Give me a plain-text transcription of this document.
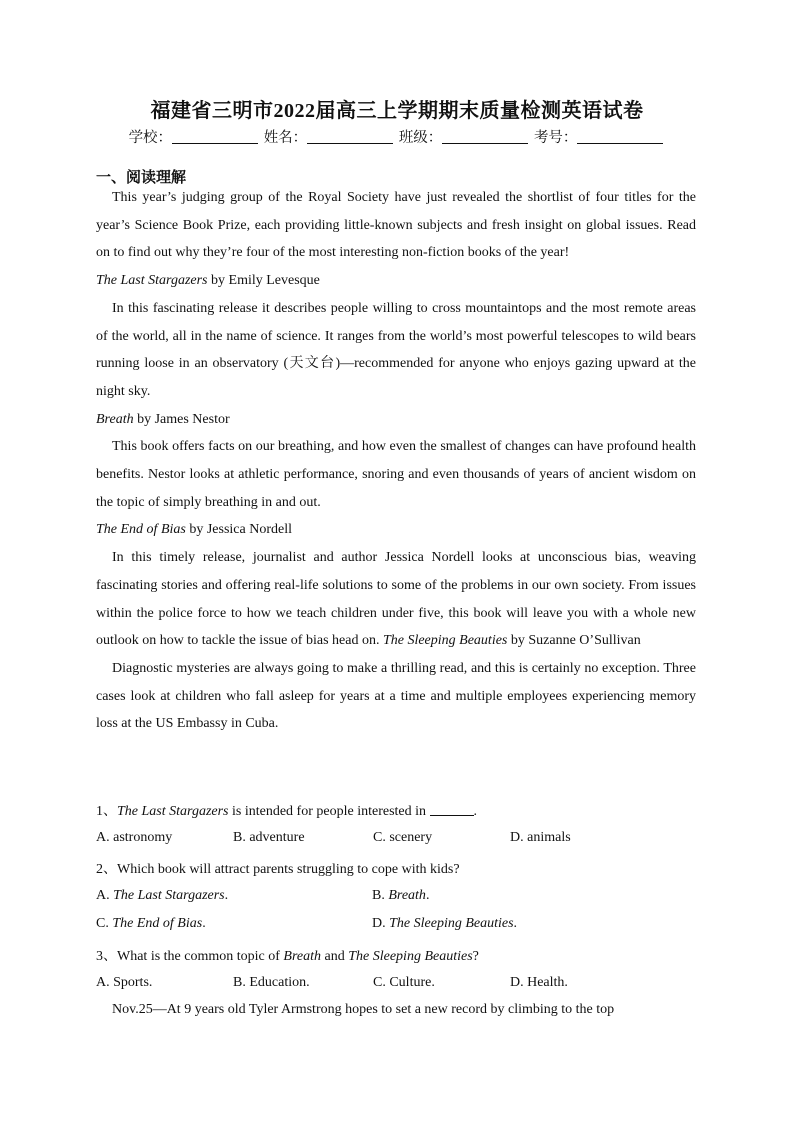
福建省三明市2022届高三上学期期末质量检测英语试卷
学校：	姓名：	班级：	考号：
一、阅读理解

This year’s judging group of the Royal Society have just revealed the shortlist of four titles for the year’s Science Book Prize, each providing little-known subjects and fresh insight on global issues. Read on to find out why they’re four of the most interesting non-fiction books of the year!

The Last Stargazers by Emily Levesque

In this fascinating release it describes people willing to cross mountaintops and the most remote areas of the world, all in the name of science. It ranges from the world’s most powerful telescopes to wild bears running loose in an observatory (天文台)—recommended for anyone who enjoys gazing upward at the night sky.

Breath by James Nestor

This book offers facts on our breathing, and how even the smallest of changes can have profound health benefits. Nestor looks at athletic performance, snoring and even thousands of years of ancient wisdom on the topic of simply breathing in and out.

The End of Bias by Jessica Nordell

In this timely release, journalist and author Jessica Nordell looks at unconscious bias, weaving fascinating stories and offering real-life solutions to some of the problems in our own society. From issues within the police force to how we teach children under five, this book will leave you with a whole new outlook on how to tackle the issue of bias head on. The Sleeping Beauties by Suzanne O’Sullivan

Diagnostic mysteries are always going to make a thrilling read, and this is certainly no exception. Three cases look at children who fall asleep for years at a time and multiple employees experiencing memory loss at the US Embassy in Cuba.

1、The Last Stargazers is intended for people interested in	.
A. astronomy	B. adventure	C. scenery	D. animals
2、Which book will attract parents struggling to cope with kids?
A. The Last Stargazers.	B. Breath.
C. The End of Bias.	D. The Sleeping Beauties.
3、What is the common topic of Breath and The Sleeping Beauties?
A. Sports.	B. Education.	C. Culture.	D. Health.
Nov.25—At 9 years old Tyler Armstrong hopes to set a new record by climbing to the top
